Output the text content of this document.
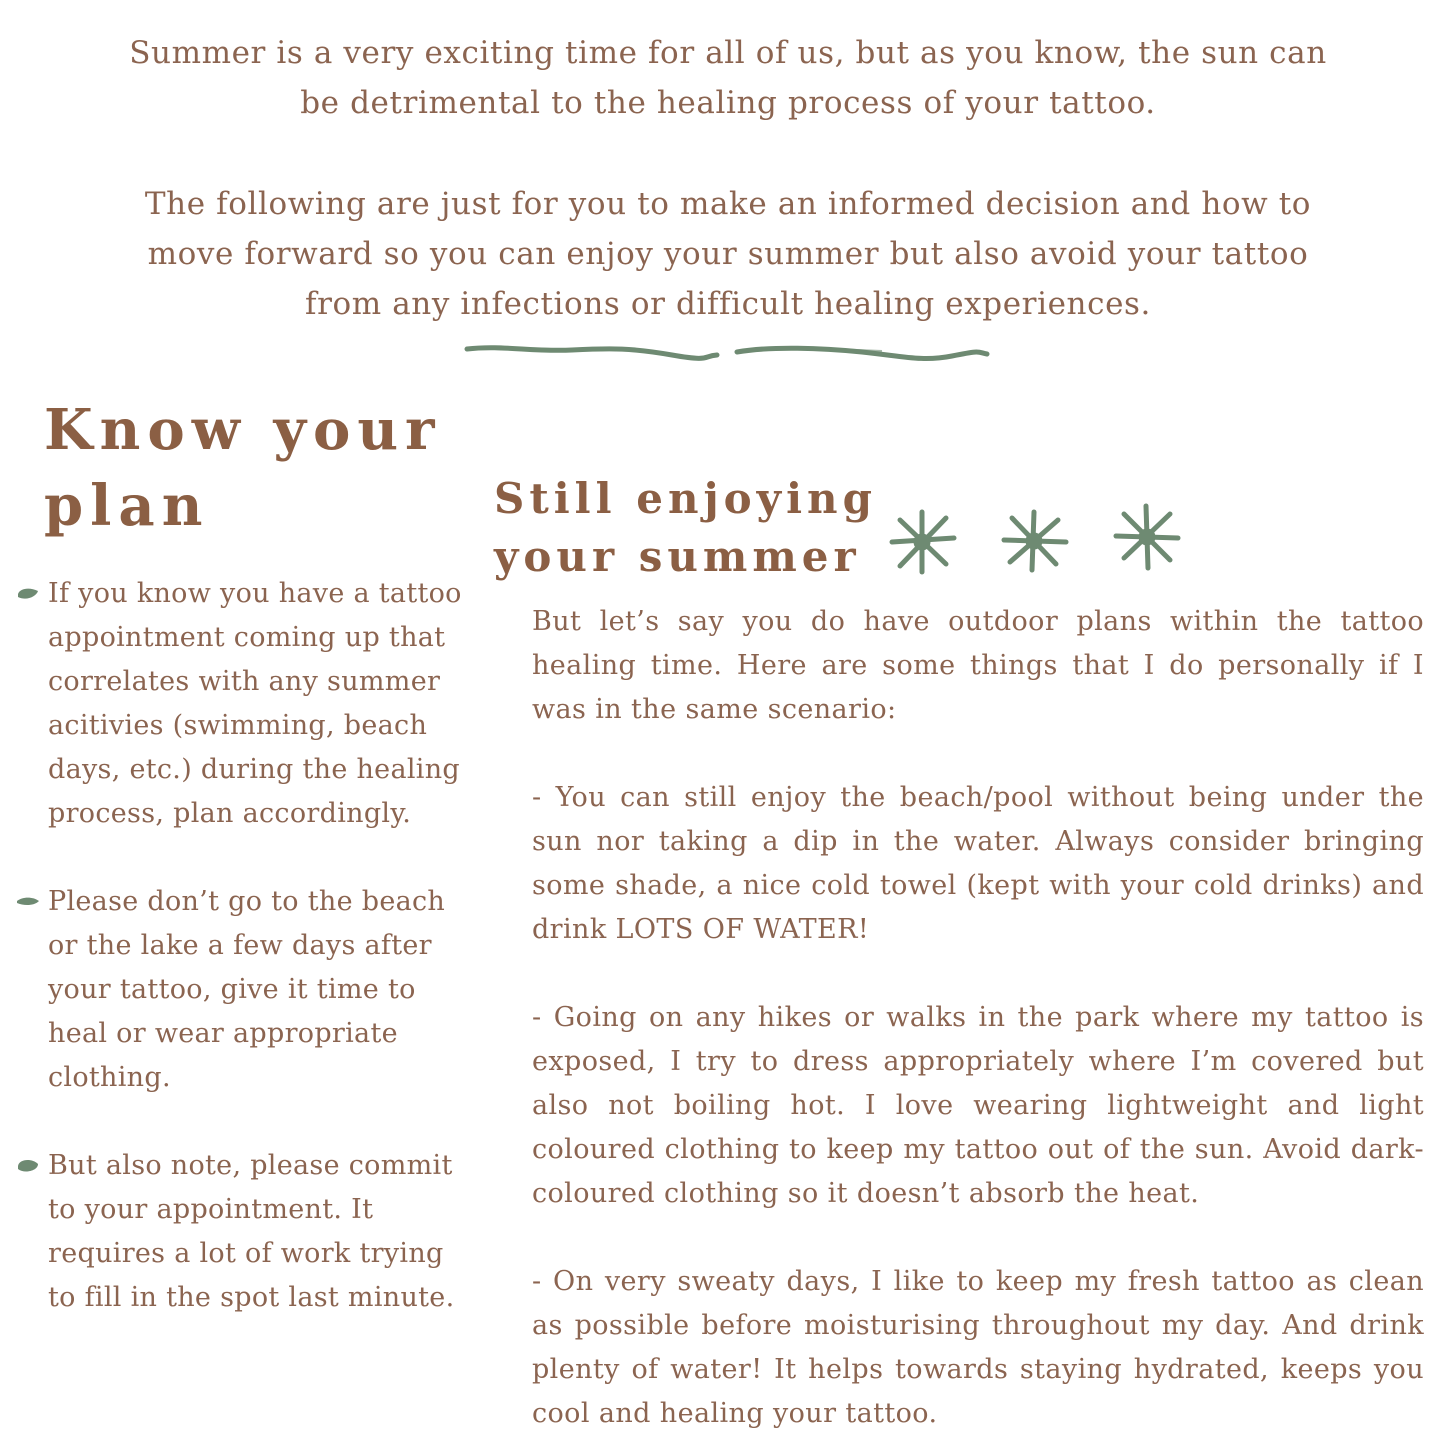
Summer is a very exciting time for all of us, but as you know, the sun can be detrimental to the healing process of your tattoo.

The following are just for you to make an informed decision and how to move forward so you can enjoy your summer but also avoid your tattoo from any infections or difficult healing experiences.

Know your
plan	Still enjoying
your summer
If you know you have a tattoo appointment coming up that correlates with any summer acitivies (swimming, beach days, etc.) during the healing process, plan accordingly.
Please don’t go to the beach or the lake a few days after your tattoo, give it time to heal or wear appropriate clothing.
But also note, please commit to your appointment. It requires a lot of work trying to fill in the spot last minute.

But let’s say you do have outdoor plans within the tattoo healing time. Here are some things that I do personally if I was in the same scenario:

- You can still enjoy the beach/pool without being under the sun nor taking a dip in the water. Always consider bringing some shade, a nice cold towel (kept with your cold drinks) and drink LOTS OF WATER!

- Going on any hikes or walks in the park where my tattoo is exposed, I try to dress appropriately where I’m covered but also not boiling hot. I love wearing lightweight and light coloured clothing to keep my tattoo out of the sun. Avoid dark-coloured clothing so it doesn’t absorb the heat.

- On very sweaty days, I like to keep my fresh tattoo as clean as possible before moisturising throughout my day. And drink plenty of water! It helps towards staying hydrated, keeps you cool and healing your tattoo.
